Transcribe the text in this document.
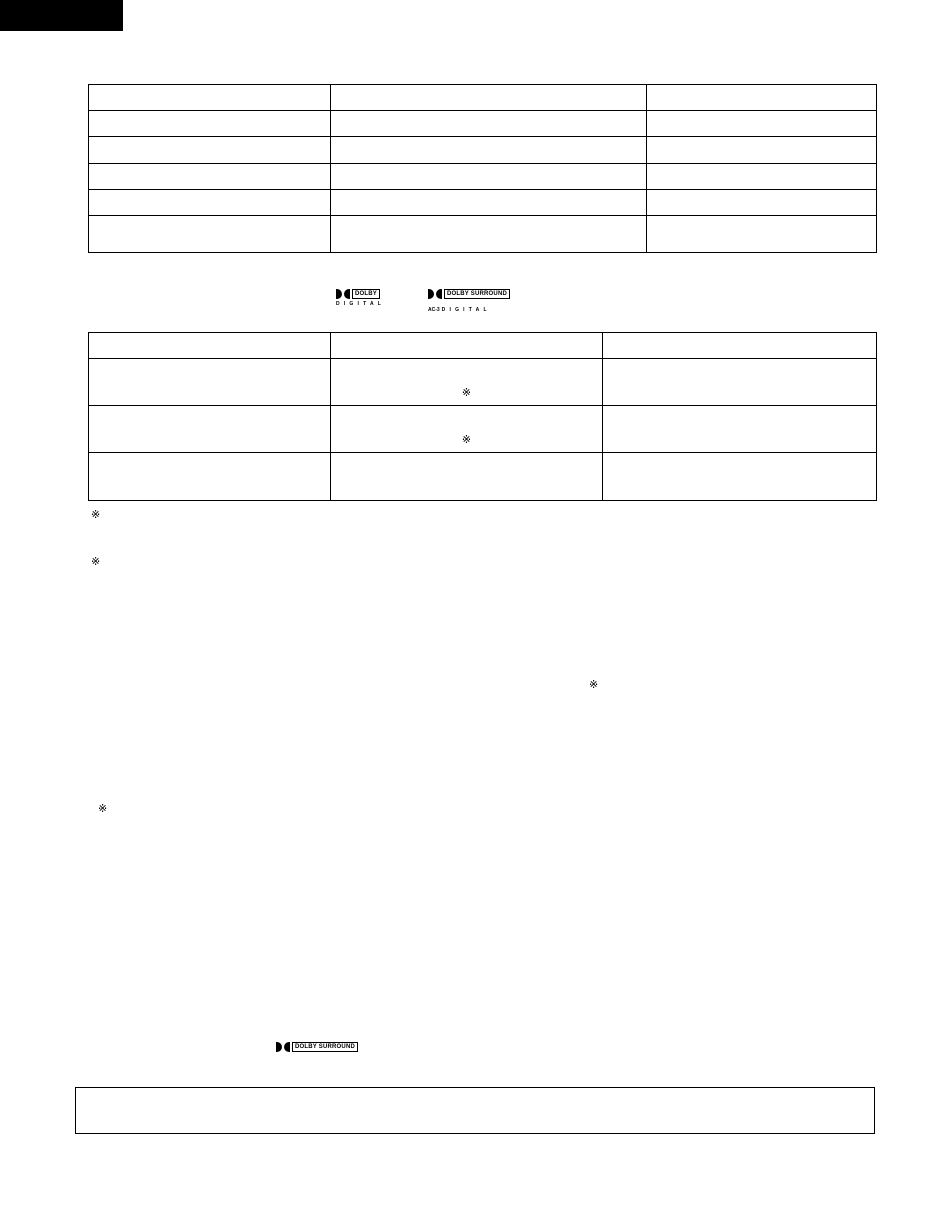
DOLBY
DIGITAL
DOLBY SURROUND
AC-3 DIGITAL

	※	

	※	

※
※
※
※
DOLBY SURROUND
